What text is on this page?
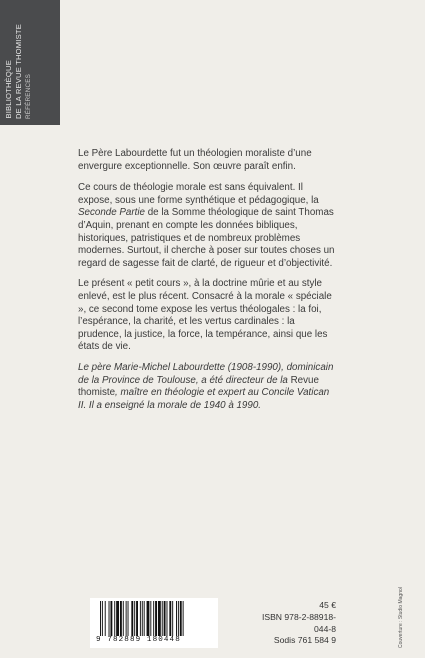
BIBLIOTHÈQUE DE LA REVUE THOMISTE RÉFÉRENCES

Le Père Labourdette fut un théologien moraliste d’une envergure exceptionnelle. Son œuvre paraît enfin.

Ce cours de théologie morale est sans équivalent. Il expose, sous une forme synthétique et pédagogique, la Seconde Partie de la Somme théologique de saint Thomas d’Aquin, prenant en compte les données bibliques, historiques, patristiques et de nombreux problèmes modernes. Surtout, il cherche à poser sur toutes choses un regard de sagesse fait de clarté, de rigueur et d’objectivité.

Le présent « petit cours », à la doctrine mûrie et au style enlevé, est le plus récent. Consacré à la morale « spéciale », ce second tome expose les vertus théologales : la foi, l’espérance, la charité, et les vertus cardinales : la prudence, la justice, la force, la tempérance, ainsi que les états de vie.

Le père Marie-Michel Labourdette (1908-1990), dominicain de la Province de Toulouse, a été directeur de la Revue thomiste, maître en théologie et expert au Concile Vatican II. Il a enseigné la morale de 1940 à 1990.

9 782889 180448
45 €
ISBN 978-2-88918-044-8
Sodis 761 584 9	Couverture : Studio Magnol
